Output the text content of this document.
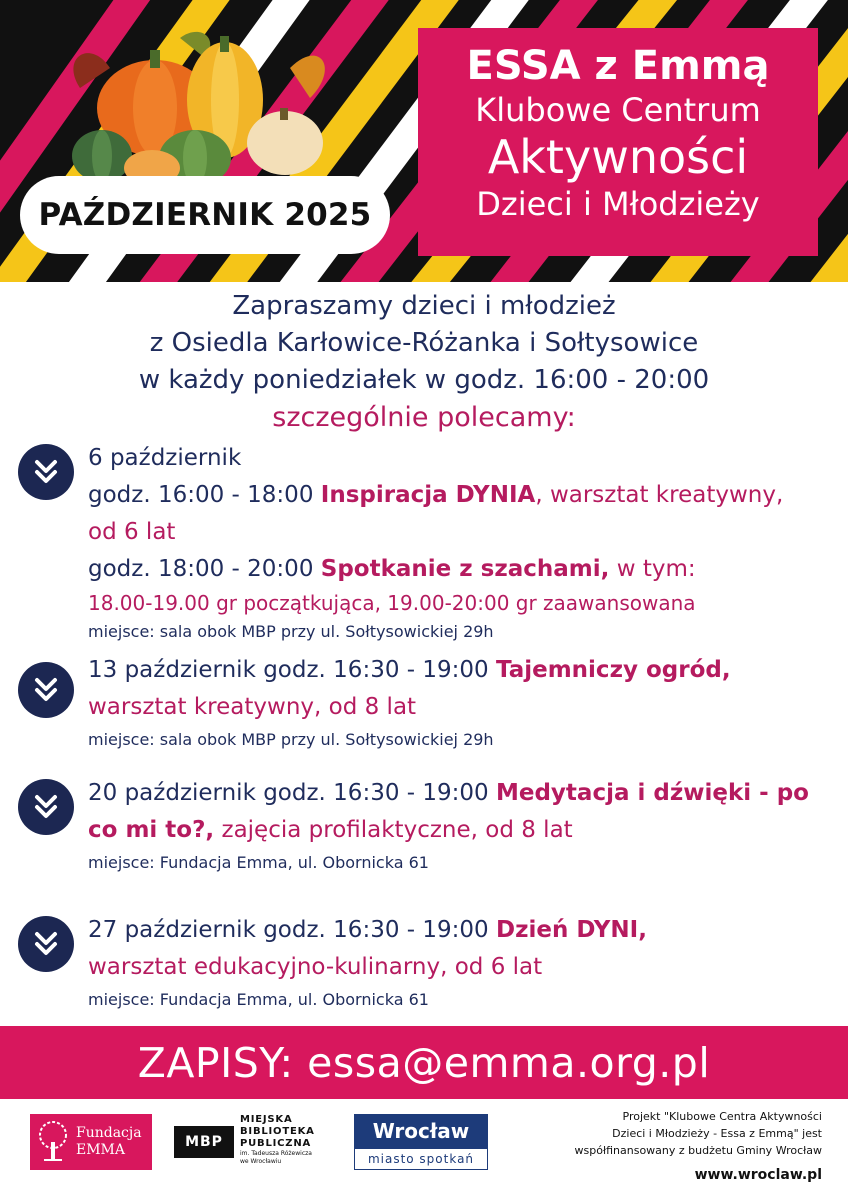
PAŹDZIERNIK 2025
ESSA z Emmą
Klubowe Centrum
Aktywności
Dzieci i Młodzieży
Zapraszamy dzieci i młodzież
z Osiedla Karłowice-Różanka i Sołtysowice
w każdy poniedziałek w godz. 16:00 - 20:00
szczególnie polecamy:
6 październik
godz. 16:00 - 18:00 Inspiracja DYNIA, warsztat kreatywny,
od 6 lat
godz. 18:00 - 20:00 Spotkanie z szachami, w tym:
18.00-19.00 gr początkująca, 19.00-20:00 gr zaawansowana
miejsce: sala obok MBP przy ul. Sołtysowickiej 29h
13 październik godz. 16:30 - 19:00 Tajemniczy ogród,
warsztat kreatywny, od 8 lat
miejsce: sala obok MBP przy ul. Sołtysowickiej 29h
20 październik godz. 16:30 - 19:00 Medytacja i dźwięki - po
co mi to?, zajęcia profilaktyczne, od 8 lat
miejsce: Fundacja Emma, ul. Obornicka 61
27 październik godz. 16:30 - 19:00 Dzień DYNI,
warsztat edukacyjno-kulinarny, od 6 lat
miejsce: Fundacja Emma, ul. Obornicka 61
ZAPISY: essa@emma.org.pl
Fundacja
EMMA	MBP
MIEJSKA
BIBLIOTEKA
PUBLICZNA
im. Tadeusza Różewicza
we Wrocławiu
Wrocław
miasto spotkań
Projekt "Klubowe Centra Aktywności
Dzieci i Młodzieży - Essa z Emmą" jest
współfinansowany z budżetu Gminy Wrocław
www.wroclaw.pl
